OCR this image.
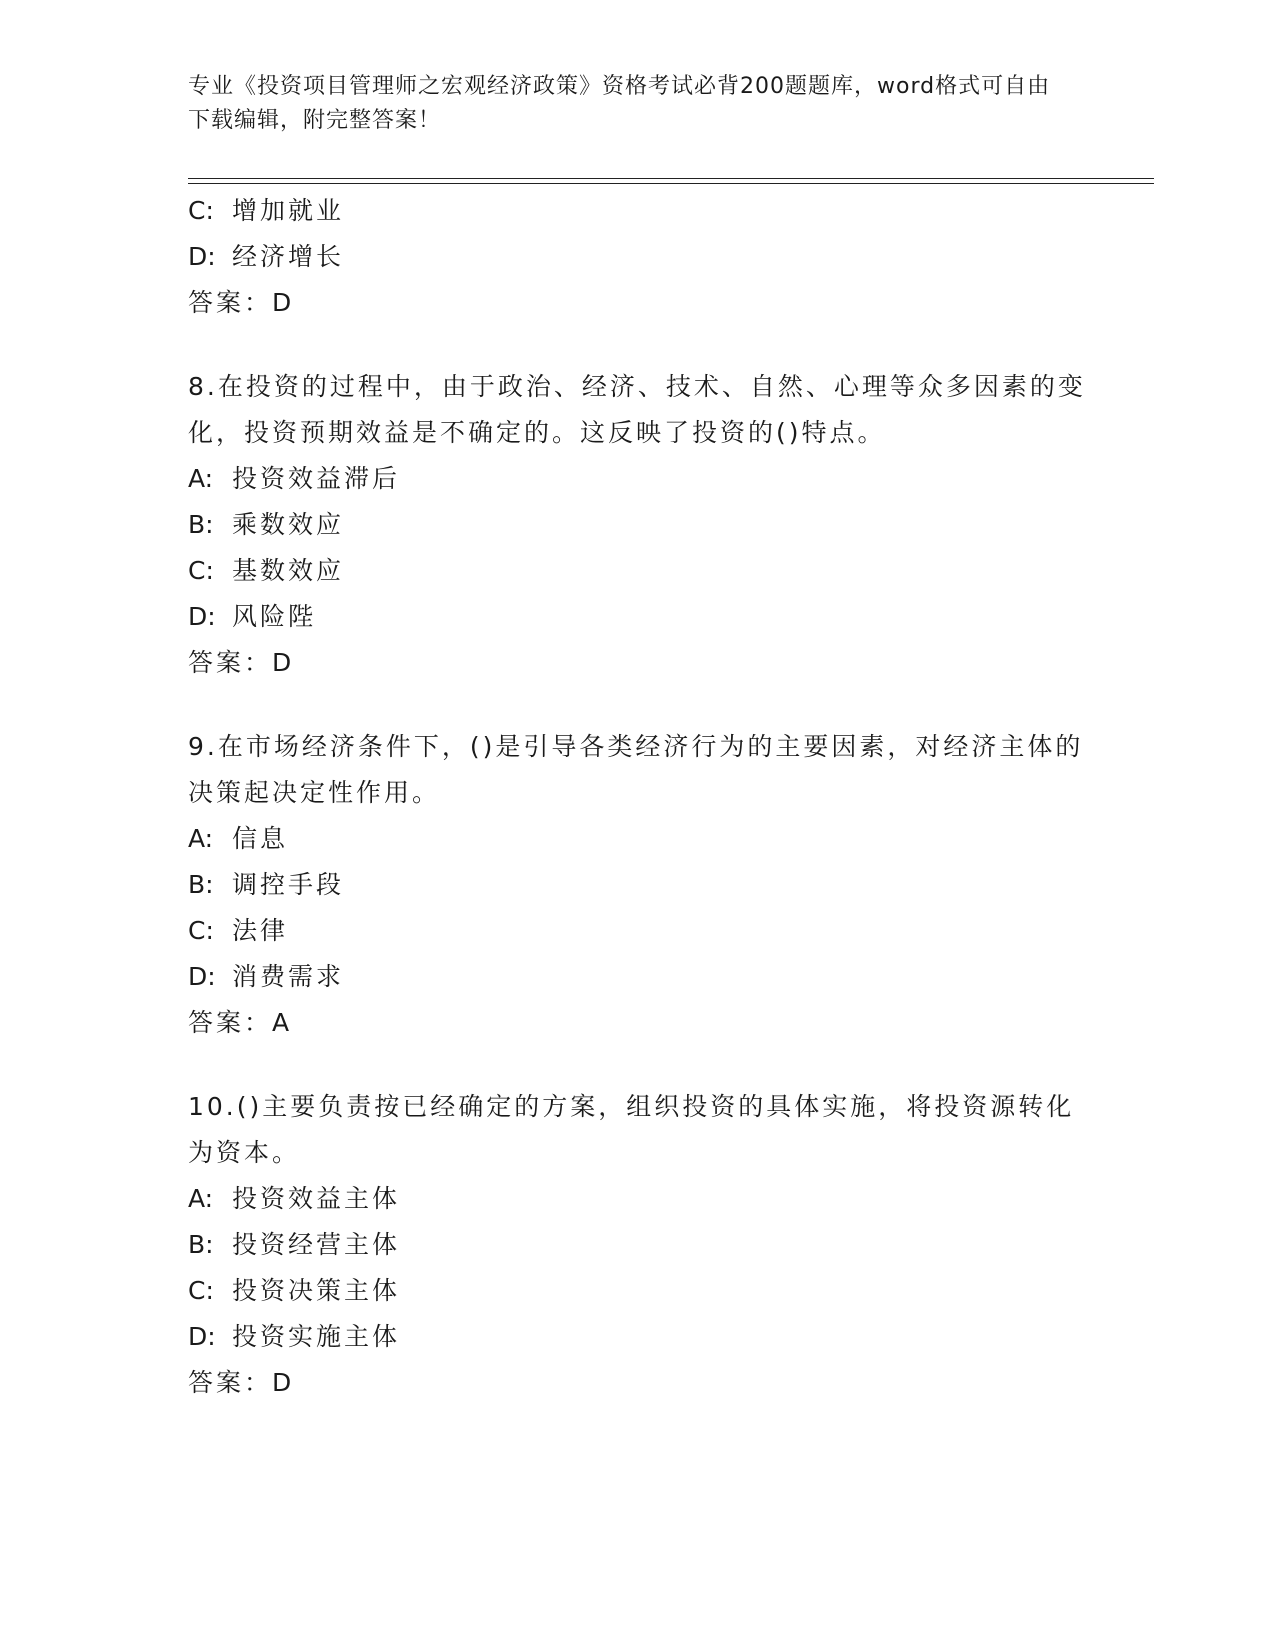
专业《投资项目管理师之宏观经济政策》资格考试必背200题题库，word格式可自由下载编辑，附完整答案！
C: 增加就业
D: 经济增长
答案：D
8.在投资的过程中，由于政治、经济、技术、自然、心理等众多因素的变化，投资预期效益是不确定的。这反映了投资的()特点。
A: 投资效益滞后
B: 乘数效应
C: 基数效应
D: 风险陛
答案：D
9.在市场经济条件下，()是引导各类经济行为的主要因素，对经济主体的决策起决定性作用。
A: 信息
B: 调控手段
C: 法律
D: 消费需求
答案：A
10.()主要负责按已经确定的方案，组织投资的具体实施，将投资源转化为资本。
A: 投资效益主体
B: 投资经营主体
C: 投资决策主体
D: 投资实施主体
答案：D
